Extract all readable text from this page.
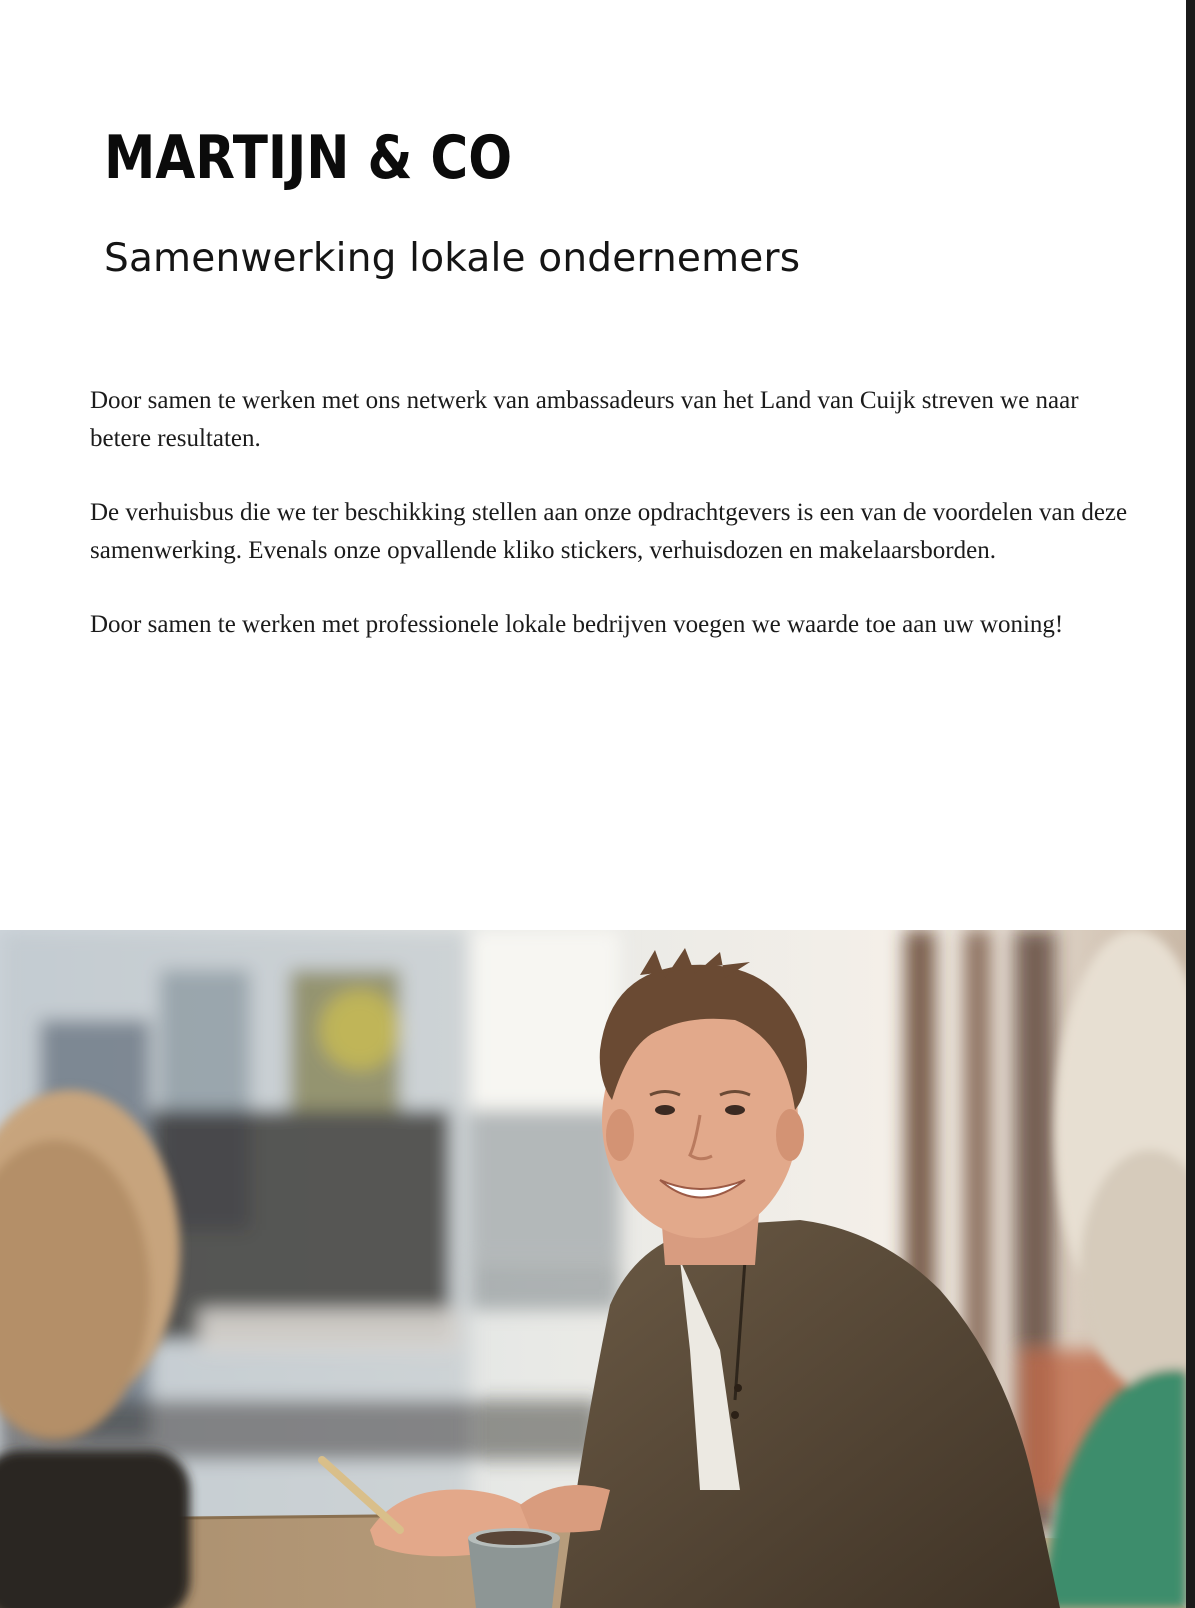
MARTIJN & CO
Samenwerking lokale ondernemers

Door samen te werken met ons netwerk van ambassadeurs van het Land van Cuijk streven we naar betere resultaten.

De verhuisbus die we ter beschikking stellen aan onze opdrachtgevers is een van de voordelen van deze samenwerking. Evenals onze opvallende kliko stickers, verhuisdozen en makelaarsborden.

Door samen te werken met professionele lokale bedrijven voegen we waarde toe aan uw woning!
